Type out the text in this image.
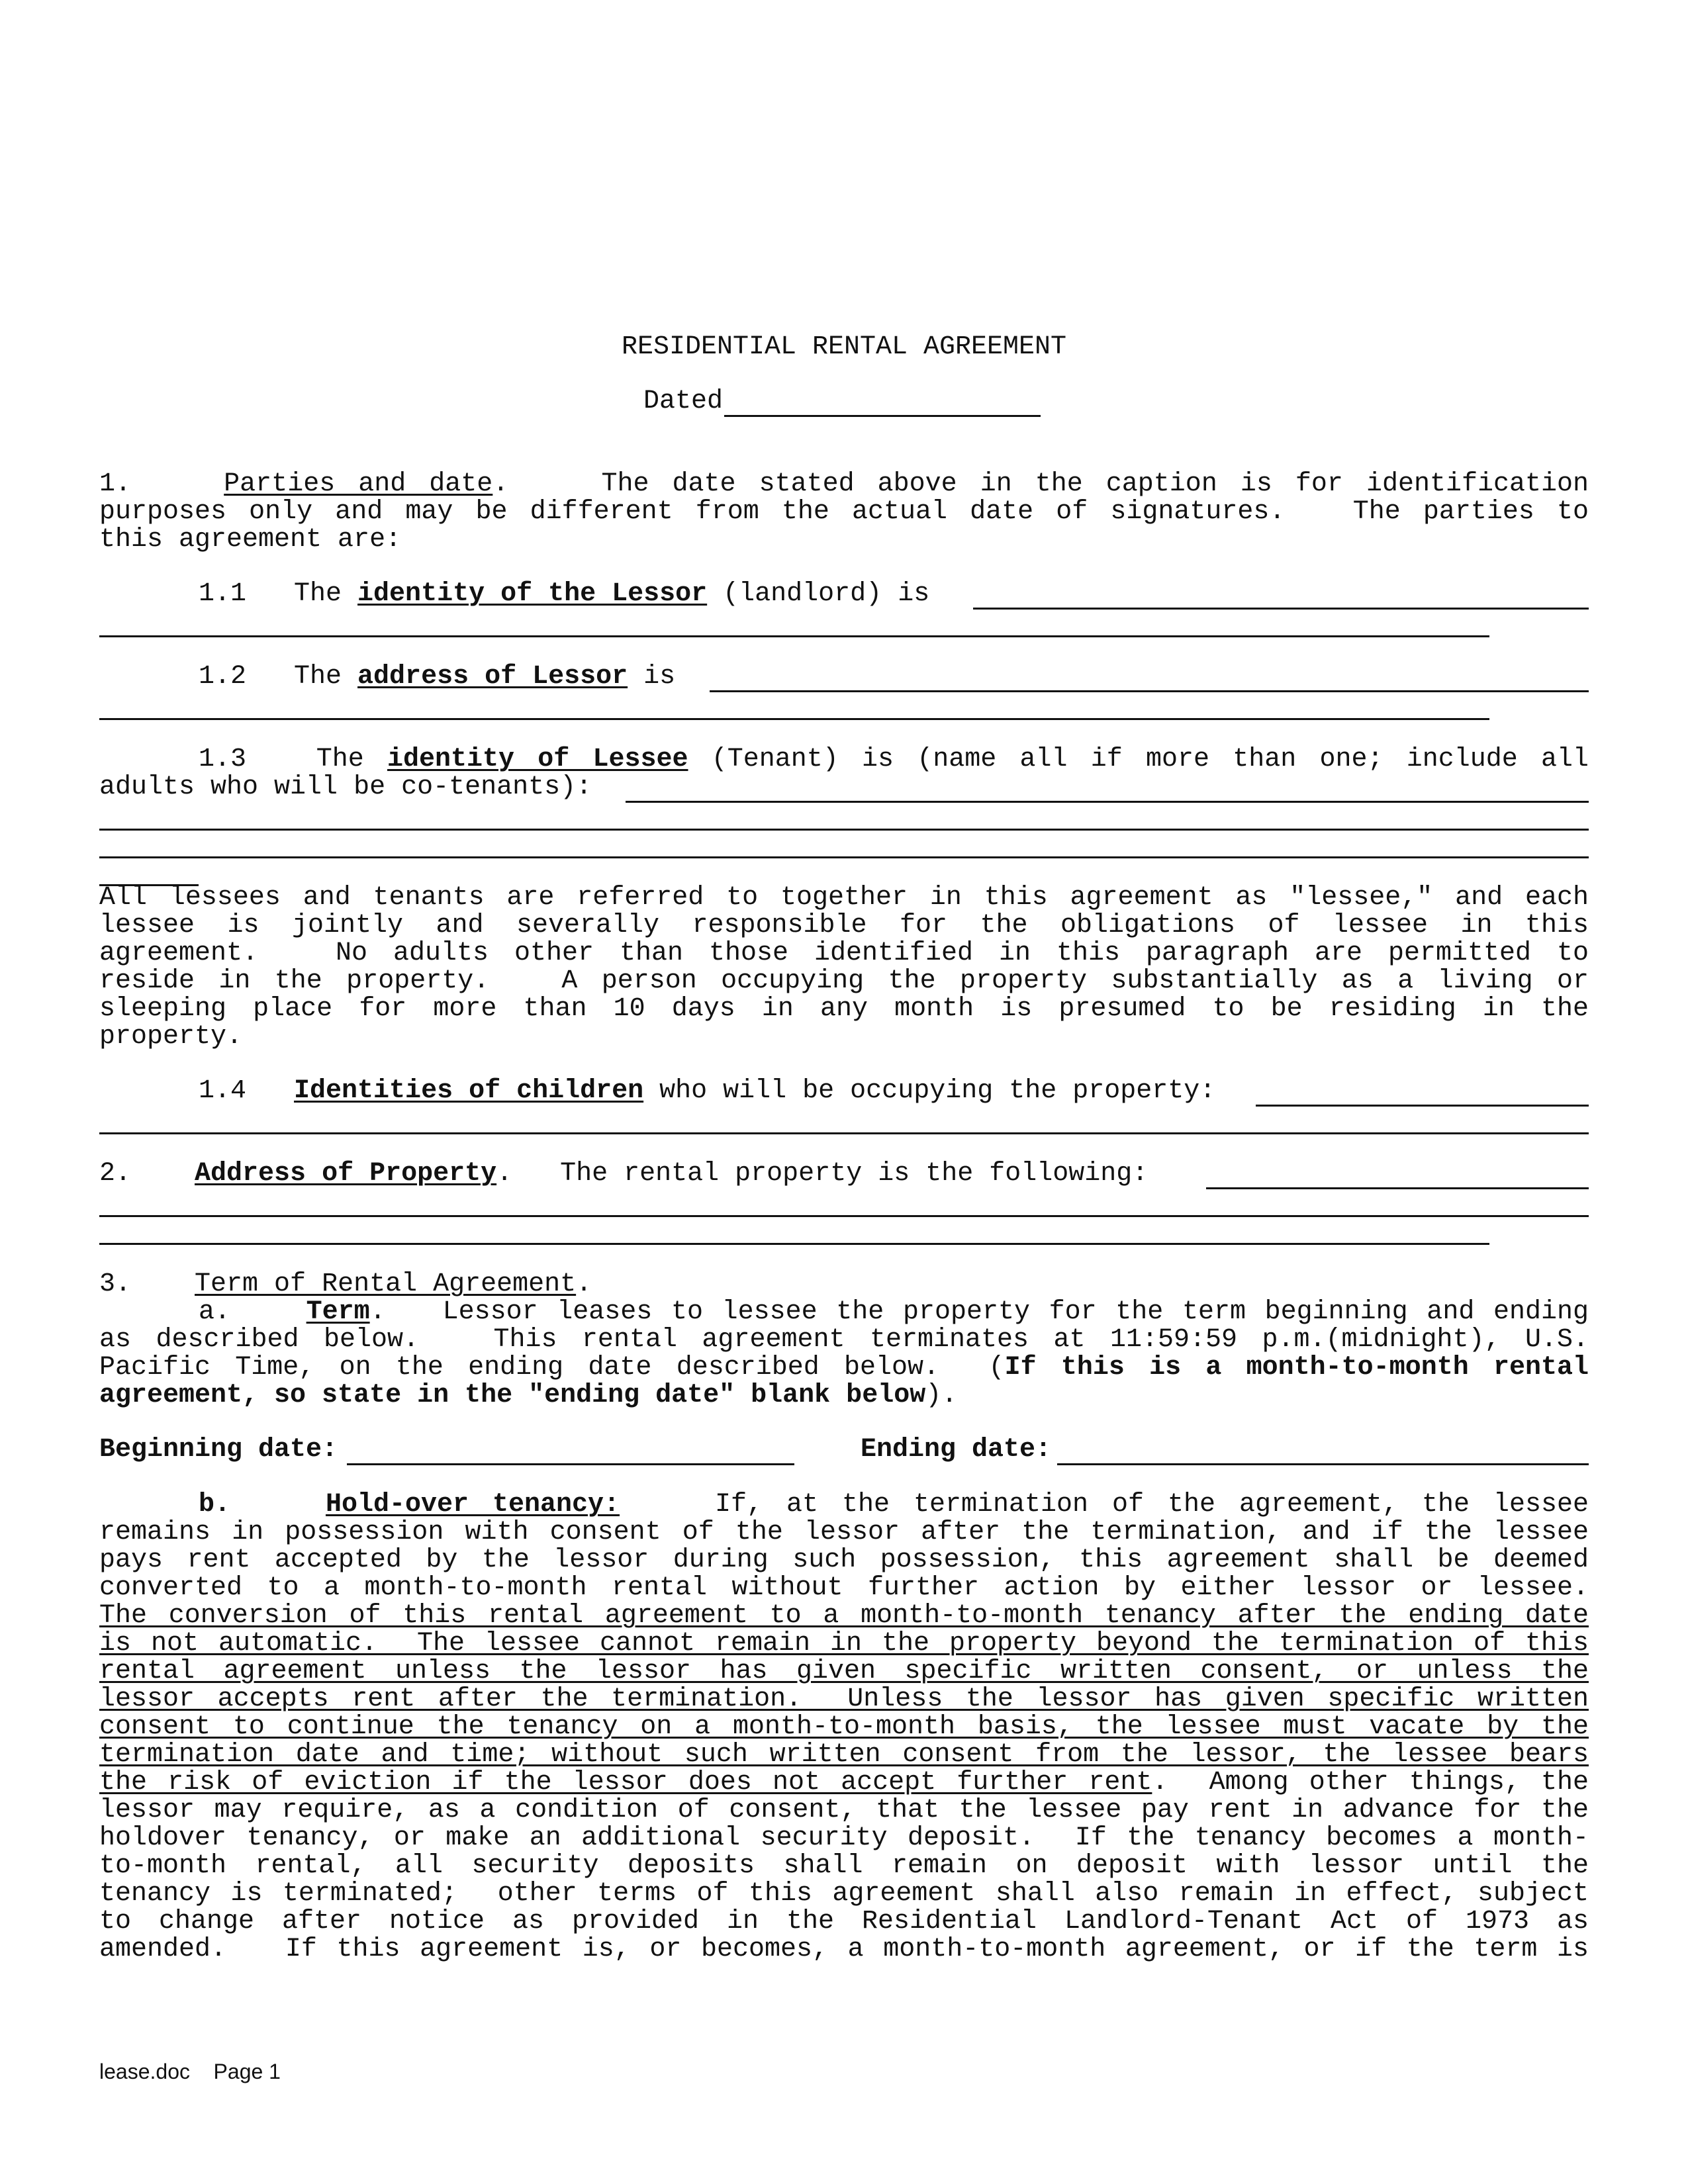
RESIDENTIAL RENTAL AGREEMENT
Dated
1.	Parties and date.    The date stated above in the caption is for identification
purposes only and may be different from the actual date of signatures.   The parties to
this agreement are:
1.1 The identity of the Lessor (landlord) is
1.2 The address of Lessor is
1.3	The identity of Lessee (Tenant) is (name all if more than one; include all
adults who will be co-tenants):
All lessees and tenants are referred to together in this agreement as "lessee," and each
lessee is jointly and severally responsible for the obligations of lessee in this
agreement.   No adults other than those identified in this paragraph are permitted to
reside in the property.   A person occupying the property substantially as a living or
sleeping place for more than 10 days in any month is presumed to be residing in the
property.
1.4 Identities of children who will be occupying the property:
2. Address of Property.   The rental property is the following:
3. Term of Rental Agreement.
a.	Term.   Lessor leases to lessee the property for the term beginning and ending
as described below.   This rental agreement terminates at 11:59:59 p.m.(midnight), U.S.
Pacific Time, on the ending date described below.  (If this is a month-to-month rental
agreement, so state in the "ending date" blank below).
Beginning date:	Ending date:
b.	Hold-over tenancy:    If, at the termination of the agreement, the lessee
remains in possession with consent of the lessor after the termination, and if the lessee
pays rent accepted by the lessor during such possession, this agreement shall be deemed
converted to a month-to-month rental without further action by either lessor or lessee.
The conversion of this rental agreement to a month-to-month tenancy after the ending date
is not automatic.  The lessee cannot remain in the property beyond the termination of this
rental agreement unless the lessor has given specific written consent, or unless the
lessor accepts rent after the termination.  Unless the lessor has given specific written
consent to continue the tenancy on a month-to-month basis, the lessee must vacate by the
termination date and time; without such written consent from the lessor, the lessee bears
the risk of eviction if the lessor does not accept further rent.  Among other things, the
lessor may require, as a condition of consent, that the lessee pay rent in advance for the
holdover tenancy, or make an additional security deposit.  If the tenancy becomes a month-
to-month rental, all security deposits shall remain on deposit with lessor until the
tenancy is terminated;  other terms of this agreement shall also remain in effect, subject
to change after notice as provided in the Residential Landlord-Tenant Act of 1973 as
amended.   If this agreement is, or becomes, a month-to-month agreement, or if the term is
lease.doc Page 1
